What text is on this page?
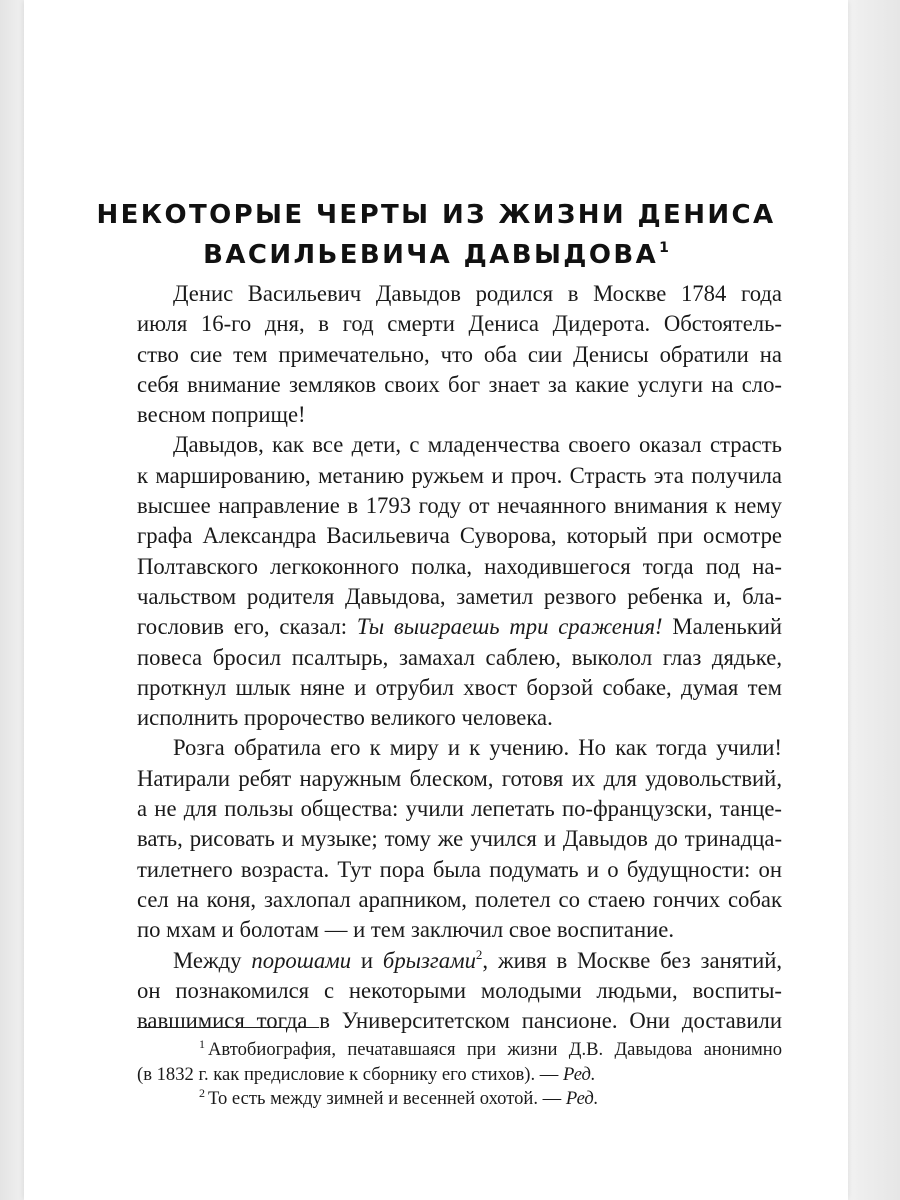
НЕКОТОРЫЕ ЧЕРТЫ ИЗ ЖИЗНИ ДЕНИСА
ВАСИЛЬЕВИЧА ДАВЫДОВА$^1$
Денис Васильевич Давыдов родился в Москве 1784 года
июля 16-го дня, в год смерти Дениса Дидерота. Обстоятель-
ство сие тем примечательно, что оба сии Денисы обратили на
себя внимание земляков своих бог знает за какие услуги на сло-
весном поприще!
Давыдов, как все дети, с младенчества своего оказал страсть
к маршированию, метанию ружьем и проч. Страсть эта получила
высшее направление в 1793 году от нечаянного внимания к нему
графа Александра Васильевича Суворова, который при осмотре
Полтавского легкоконного полка, находившегося тогда под на-
чальством родителя Давыдова, заметил резвого ребенка и, бла-
гословив его, сказал: Ты выиграешь три сражения! Маленький
повеса бросил псалтырь, замахал саблею, выколол глаз дядьке,
проткнул шлык няне и отрубил хвост борзой собаке, думая тем
исполнить пророчество великого человека.
Розга обратила его к миру и к учению. Но как тогда учили!
Натирали ребят наружным блеском, готовя их для удовольствий,
а не для пользы общества: учили лепетать по-французски, танце-
вать, рисовать и музыке; тому же учился и Давыдов до тринадца-
тилетнего возраста. Тут пора была подумать и о будущности: он
сел на коня, захлопал арапником, полетел со стаею гончих собак
по мхам и болотам — и тем заключил свое воспитание.
Между порошами и брызгами$^2$, живя в Москве без занятий,
он познакомился с некоторыми молодыми людьми, воспиты-
вавшимися тогда в Университетском пансионе. Они доставили
$^1$ Автобиография, печатавшаяся при жизни Д.В. Давыдова анонимно
(в 1832 г. как предисловие к сборнику его стихов). — Ред.
$^2$ То есть между зимней и весенней охотой. — Ред.
